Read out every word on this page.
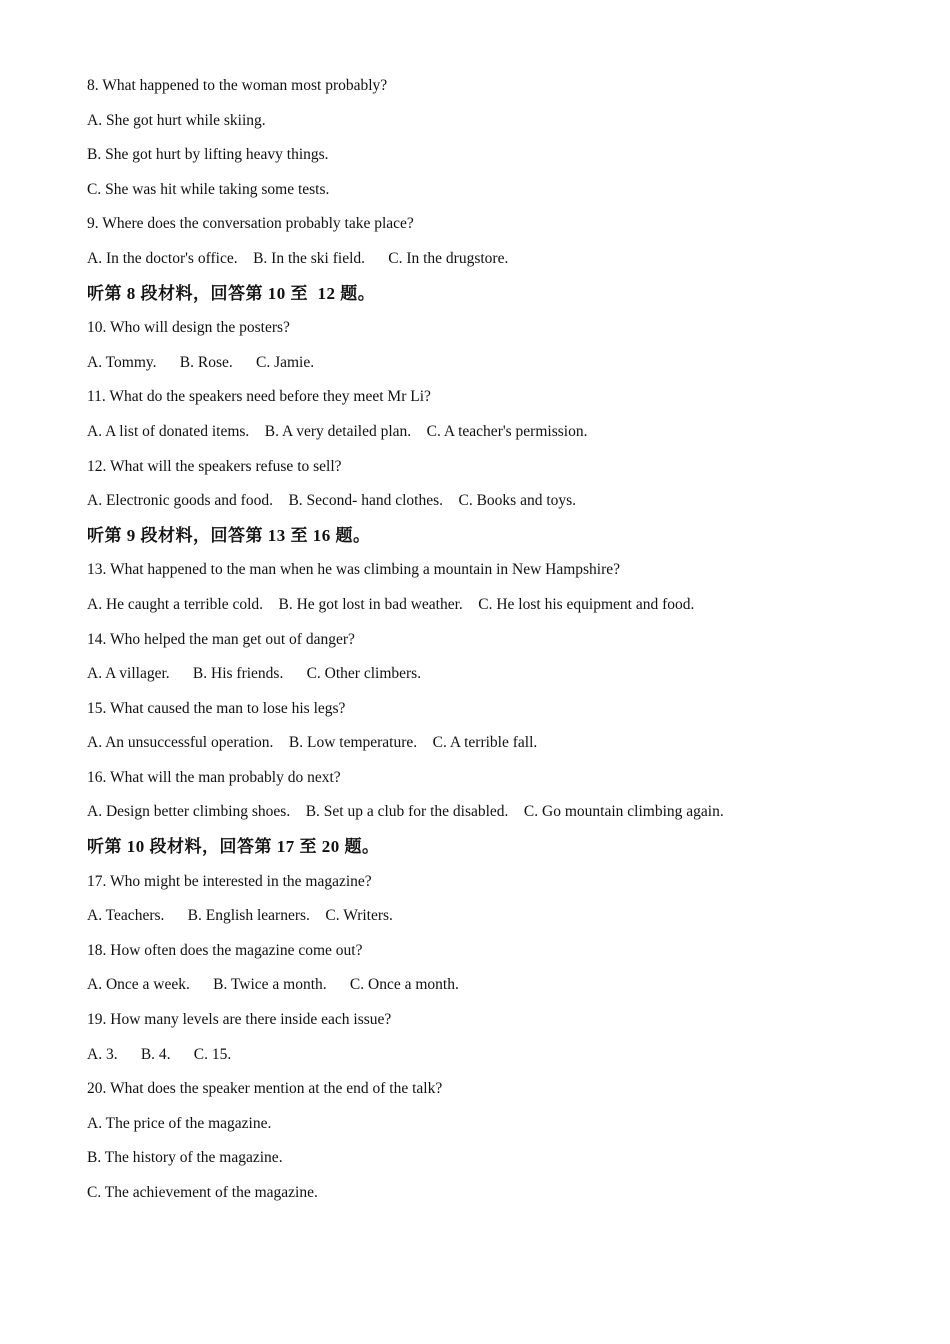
8. What happened to the woman most probably?
A. She got hurt while skiing.
B. She got hurt by lifting heavy things.
C. She was hit while taking some tests.
9. Where does the conversation probably take place?
A. In the doctor's office.    B. In the ski field.      C. In the drugstore.
听第 8 段材料，回答第 10 至  12 题。
10. Who will design the posters?
A. Tommy.      B. Rose.      C. Jamie.
11. What do the speakers need before they meet Mr Li?
A. A list of donated items.    B. A very detailed plan.    C. A teacher's permission.
12. What will the speakers refuse to sell?
A. Electronic goods and food.    B. Second- hand clothes.    C. Books and toys.
听第 9 段材料，回答第 13 至 16 题。
13. What happened to the man when he was climbing a mountain in New Hampshire?
A. He caught a terrible cold.    B. He got lost in bad weather.    C. He lost his equipment and food.
14. Who helped the man get out of danger?
A. A villager.      B. His friends.      C. Other climbers.
15. What caused the man to lose his legs?
A. An unsuccessful operation.    B. Low temperature.    C. A terrible fall.
16. What will the man probably do next?
A. Design better climbing shoes.    B. Set up a club for the disabled.    C. Go mountain climbing again.
听第 10 段材料，回答第 17 至 20 题。
17. Who might be interested in the magazine?
A. Teachers.      B. English learners.    C. Writers.
18. How often does the magazine come out?
A. Once a week.      B. Twice a month.      C. Once a month.
19. How many levels are there inside each issue?
A. 3.      B. 4.      C. 15.
20. What does the speaker mention at the end of the talk?
A. The price of the magazine.
B. The history of the magazine.
C. The achievement of the magazine.
